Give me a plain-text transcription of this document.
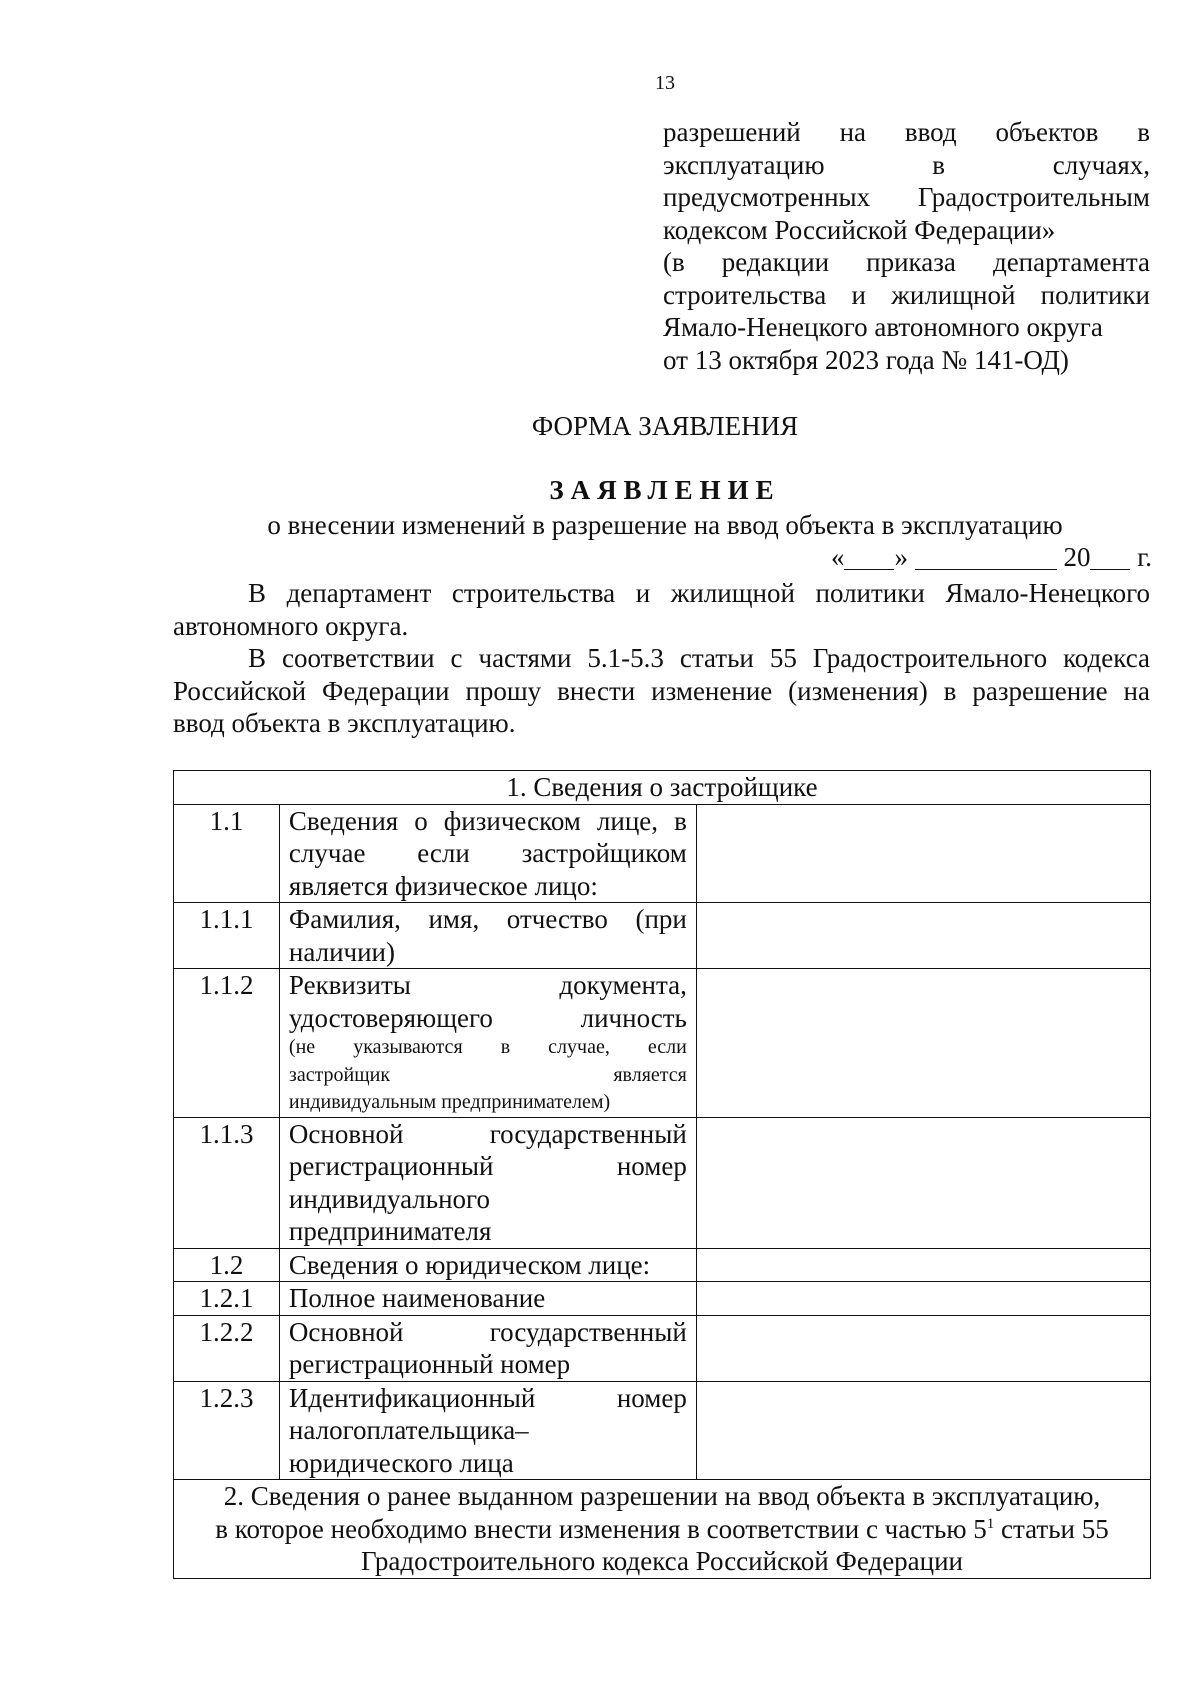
13
разрешений на ввод объектов в
эксплуатацию в случаях,
предусмотренных Градостроительным
кодексом Российской Федерации»
(в редакции приказа департамента
строительства и жилищной политики
Ямало-Ненецкого автономного округа
от 13 октября 2023 года № 141-ОД)
ФОРМА ЗАЯВЛЕНИЯ
ЗАЯВЛЕНИЕ
о внесении изменений в разрешение на ввод объекта в эксплуатацию
« »	20 г.
В департамент строительства и жилищной политики Ямало-Ненецкого
автономного округа.
В соответствии с частями 5.1-5.3 статьи 55 Градостроительного кодекса
Российской Федерации прошу внести изменение (изменения) в разрешение на
ввод объекта в эксплуатацию.
1. Сведения о застройщике		
1.1	Сведения о физическом лице, в
случае если застройщиком
является физическое лицо:	

1.1.1	Фамилия, имя, отчество (при
наличии)	

1.1.2	Реквизиты документа,
удостоверяющего личность
(не указываются в случае, если
застройщик является
индивидуальным предпринимателем)	

1.1.3	Основной государственный
регистрационный номер
индивидуального
предпринимателя	

1.2	Сведения о юридическом лице:	

1.2.1	Полное наименование	

1.2.2	Основной государственный
регистрационный номер	

1.2.3	Идентификационный номер
налогоплательщика–
юридического лица	

2. Сведения о ранее выданном разрешении на ввод объекта в эксплуатацию,
в которое необходимо внести изменения в соответствии с частью $5^1$ статьи 55
Градостроительного кодекса Российской Федерации		
